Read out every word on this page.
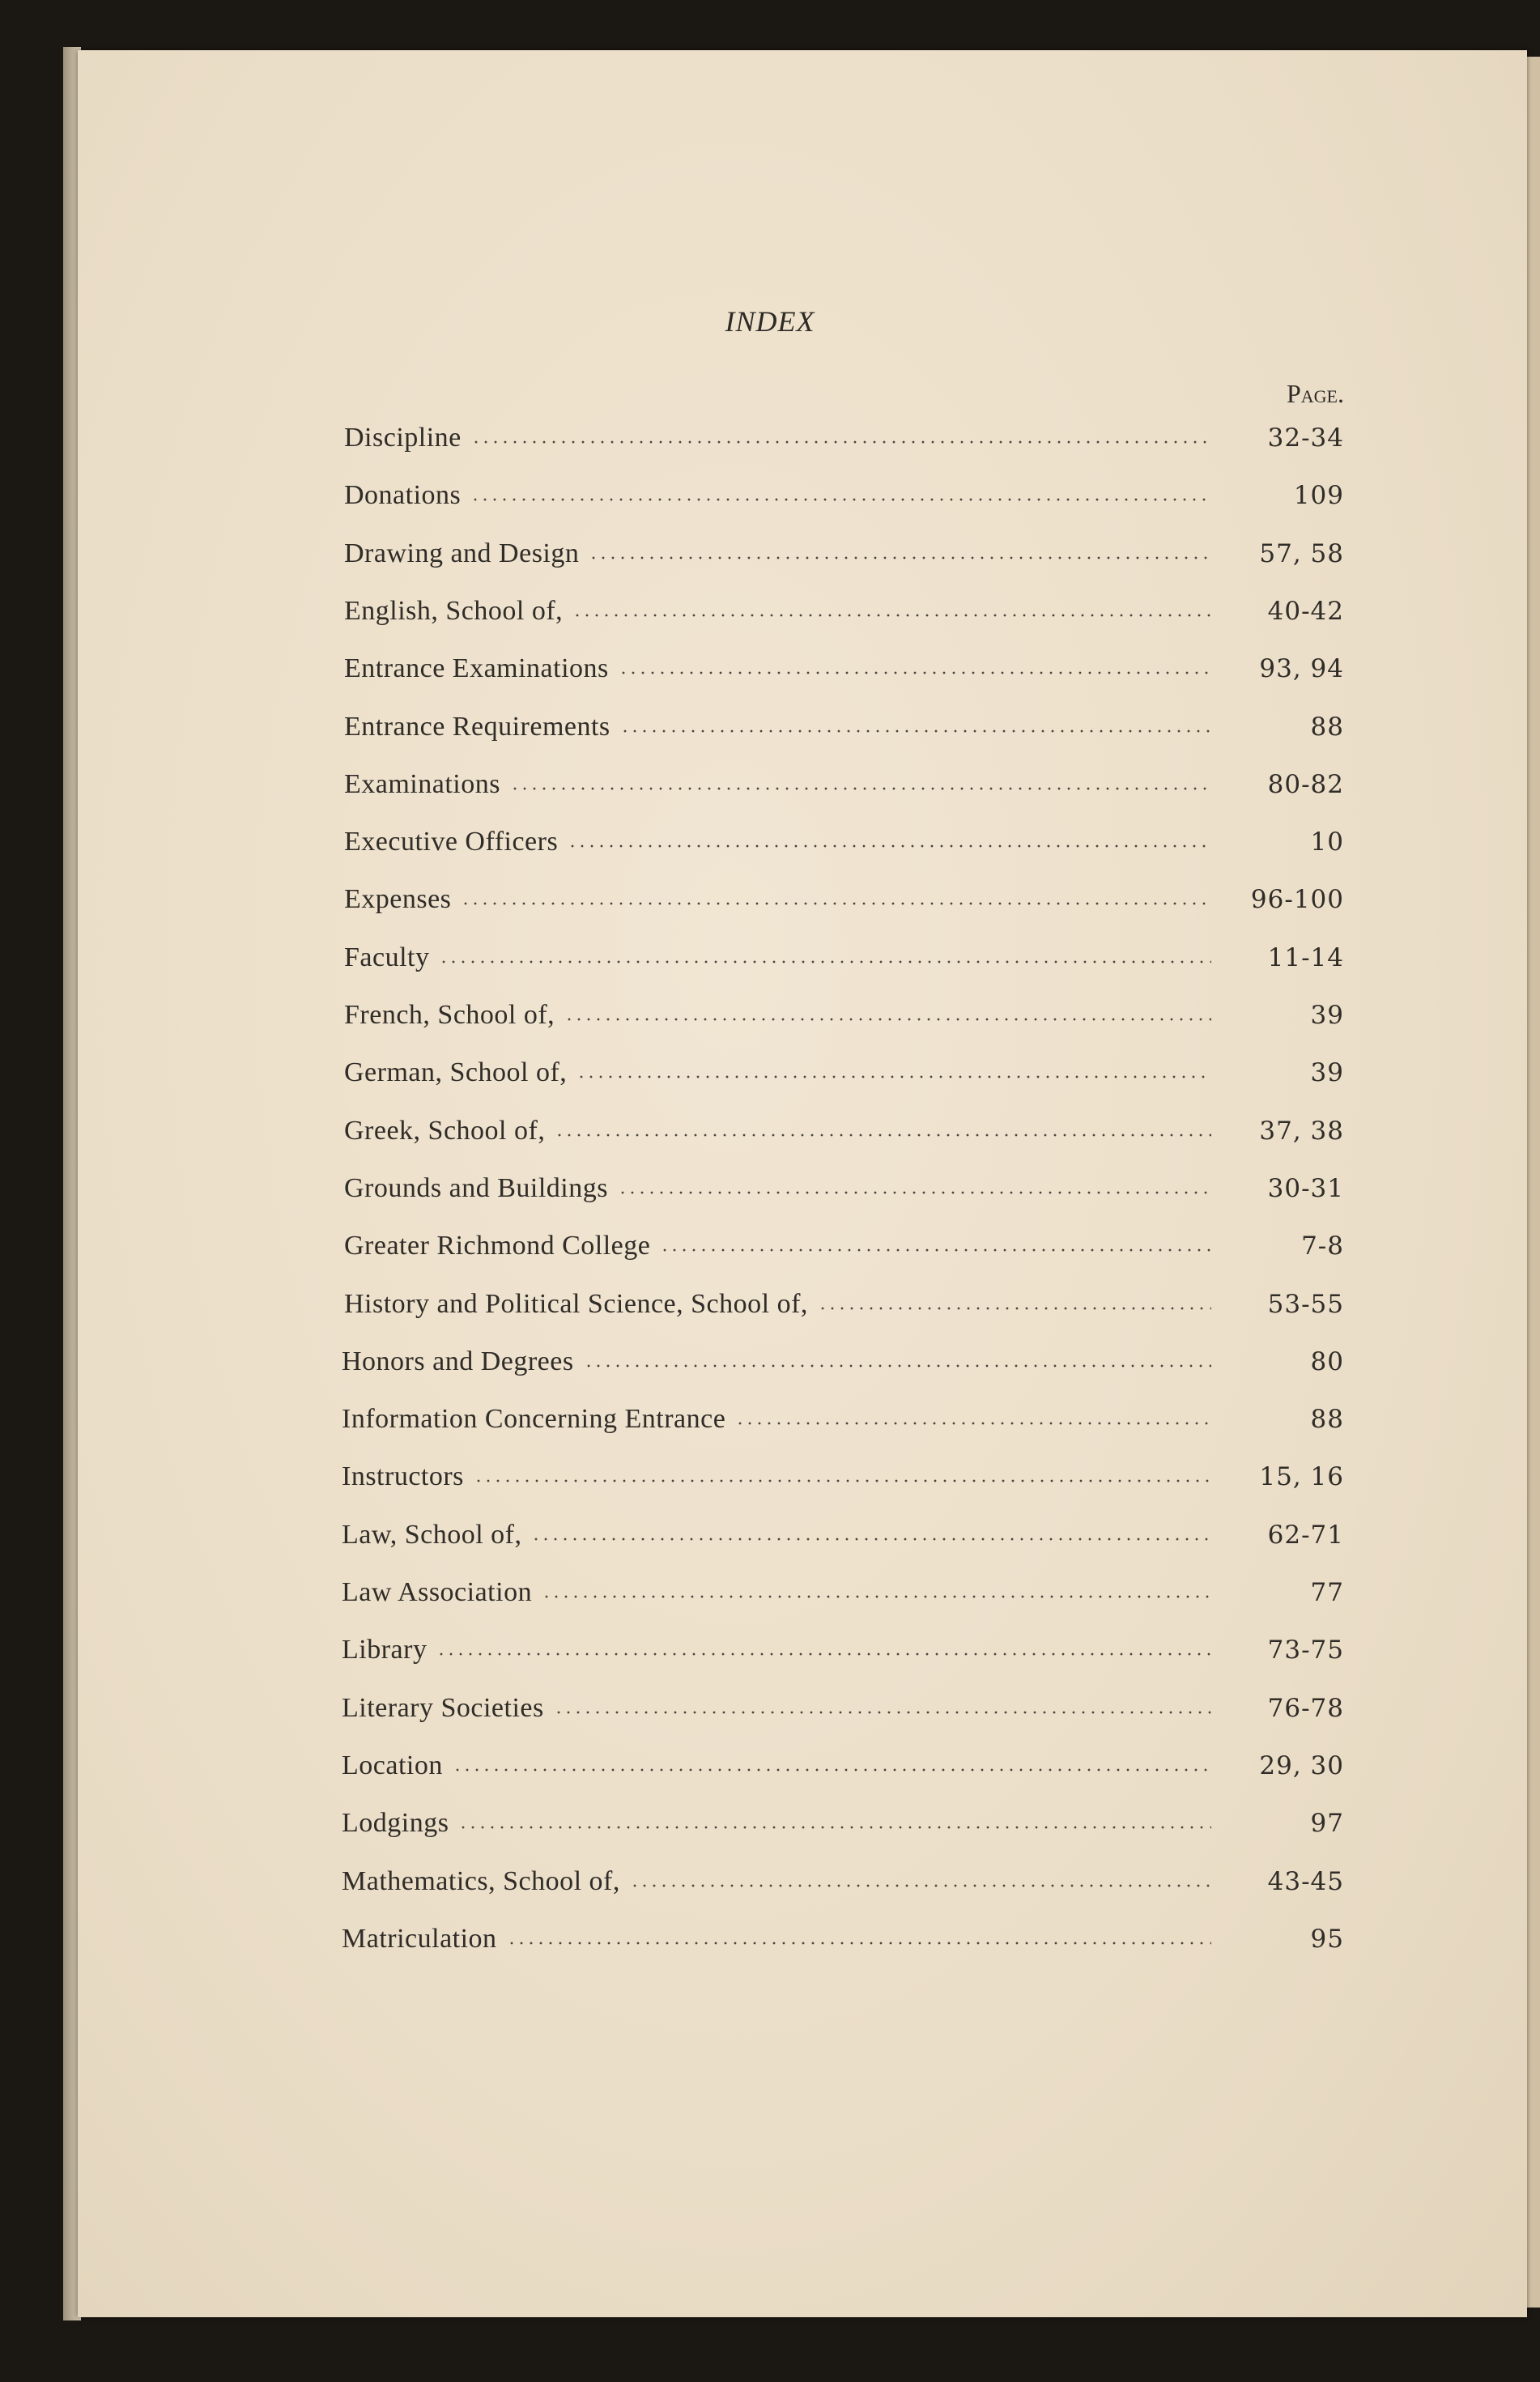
INDEX
Page.
Discipline	32-34
Donations	109
Drawing and Design	57, 58
English, School of,	40-42
Entrance Examinations	93, 94
Entrance Requirements	88
Examinations	80-82
Executive Officers	10
Expenses	96-100
Faculty	11-14
French, School of,	39
German, School of,	39
Greek, School of,	37, 38
Grounds and Buildings	30-31
Greater Richmond College	7-8
History and Political Science, School of,	53-55
Honors and Degrees	80
Information Concerning Entrance	88
Instructors	15, 16
Law, School of,	62-71
Law Association	77
Library	73-75
Literary Societies	76-78
Location	29, 30
Lodgings	97
Mathematics, School of,	43-45
Matriculation	95
